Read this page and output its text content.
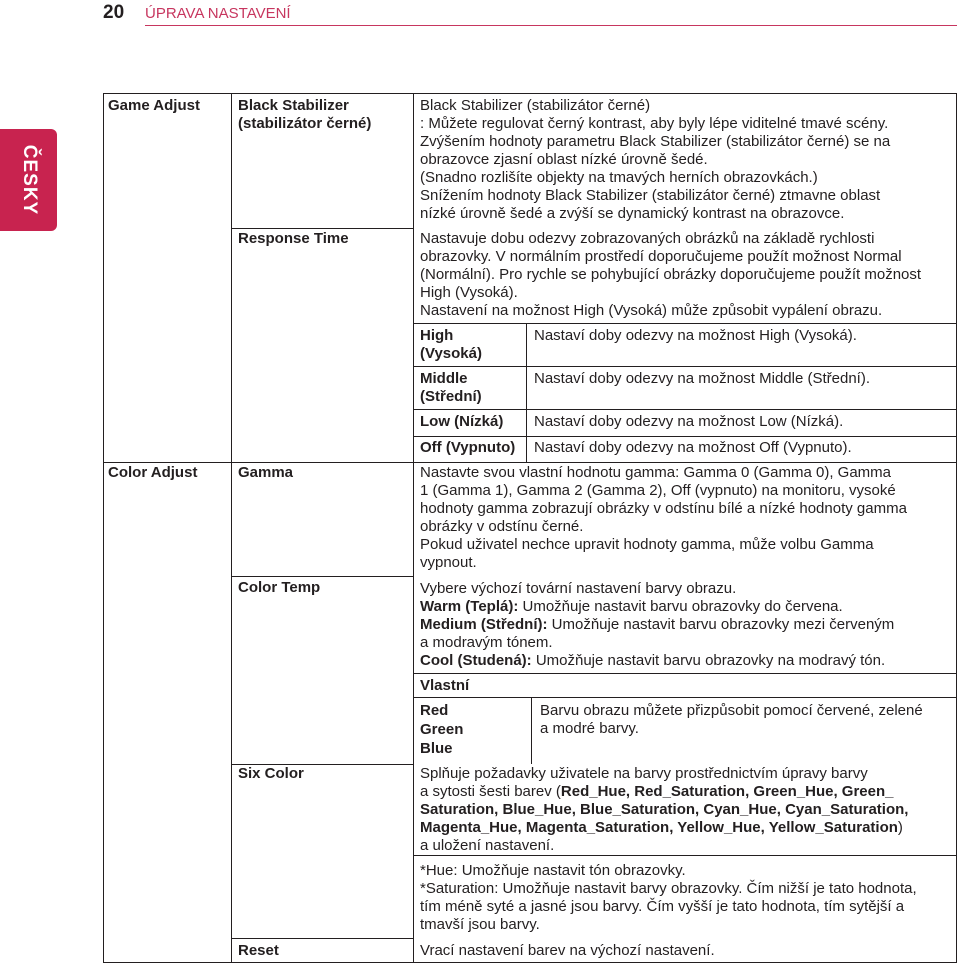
20 ÚPRAVA NASTAVENÍ
ČESKY
Game Adjust
Color Adjust
Black Stabilizer
(stabilizátor černé)
Response Time
Gamma
Color Temp
Six Color
Reset
Black Stabilizer (stabilizátor černé)
: Můžete regulovat černý kontrast, aby byly lépe viditelné tmavé scény.
Zvýšením hodnoty parametru Black Stabilizer (stabilizátor černé) se na
obrazovce zjasní oblast nízké úrovně šedé.
(Snadno rozlišíte objekty na tmavých herních obrazovkách.)
Snížením hodnoty Black Stabilizer (stabilizátor černé) ztmavne oblast
nízké úrovně šedé a zvýší se dynamický kontrast na obrazovce.
Nastavuje dobu odezvy zobrazovaných obrázků na základě rychlosti
obrazovky. V normálním prostředí doporučujeme použít možnost Normal
(Normální). Pro rychle se pohybující obrázky doporučujeme použít možnost
High (Vysoká).
Nastavení na možnost High (Vysoká) může způsobit vypálení obrazu.
High
(Vysoká)
Nastaví doby odezvy na možnost High (Vysoká).
Middle
(Střední)
Nastaví doby odezvy na možnost Middle (Střední).
Low (Nízká) Nastaví doby odezvy na možnost Low (Nízká).
Off (Vypnuto) Nastaví doby odezvy na možnost Off (Vypnuto).
Nastavte svou vlastní hodnotu gamma: Gamma 0 (Gamma 0), Gamma
1 (Gamma 1), Gamma 2 (Gamma 2), Off (vypnuto) na monitoru, vysoké
hodnoty gamma zobrazují obrázky v odstínu bílé a nízké hodnoty gamma
obrázky v odstínu černé.
Pokud uživatel nechce upravit hodnoty gamma, může volbu Gamma
vypnout.
Vybere výchozí tovární nastavení barvy obrazu.
Warm (Teplá): Umožňuje nastavit barvu obrazovky do červena.
Medium (Střední): Umožňuje nastavit barvu obrazovky mezi červeným
a modravým tónem.
Cool (Studená): Umožňuje nastavit barvu obrazovky na modravý tón.
Vlastní
Red
Green
Blue
Barvu obrazu můžete přizpůsobit pomocí červené, zelené
a modré barvy.
Splňuje požadavky uživatele na barvy prostřednictvím úpravy barvy
a sytosti šesti barev (Red_Hue, Red_Saturation, Green_Hue, Green_
Saturation, Blue_Hue, Blue_Saturation, Cyan_Hue, Cyan_Saturation,
Magenta_Hue, Magenta_Saturation, Yellow_Hue, Yellow_Saturation)
a uložení nastavení.
*Hue: Umožňuje nastavit tón obrazovky.
*Saturation: Umožňuje nastavit barvy obrazovky. Čím nižší je tato hodnota,
tím méně syté a jasné jsou barvy. Čím vyšší je tato hodnota, tím sytější a
tmavší jsou barvy.
Vrací nastavení barev na výchozí nastavení.
